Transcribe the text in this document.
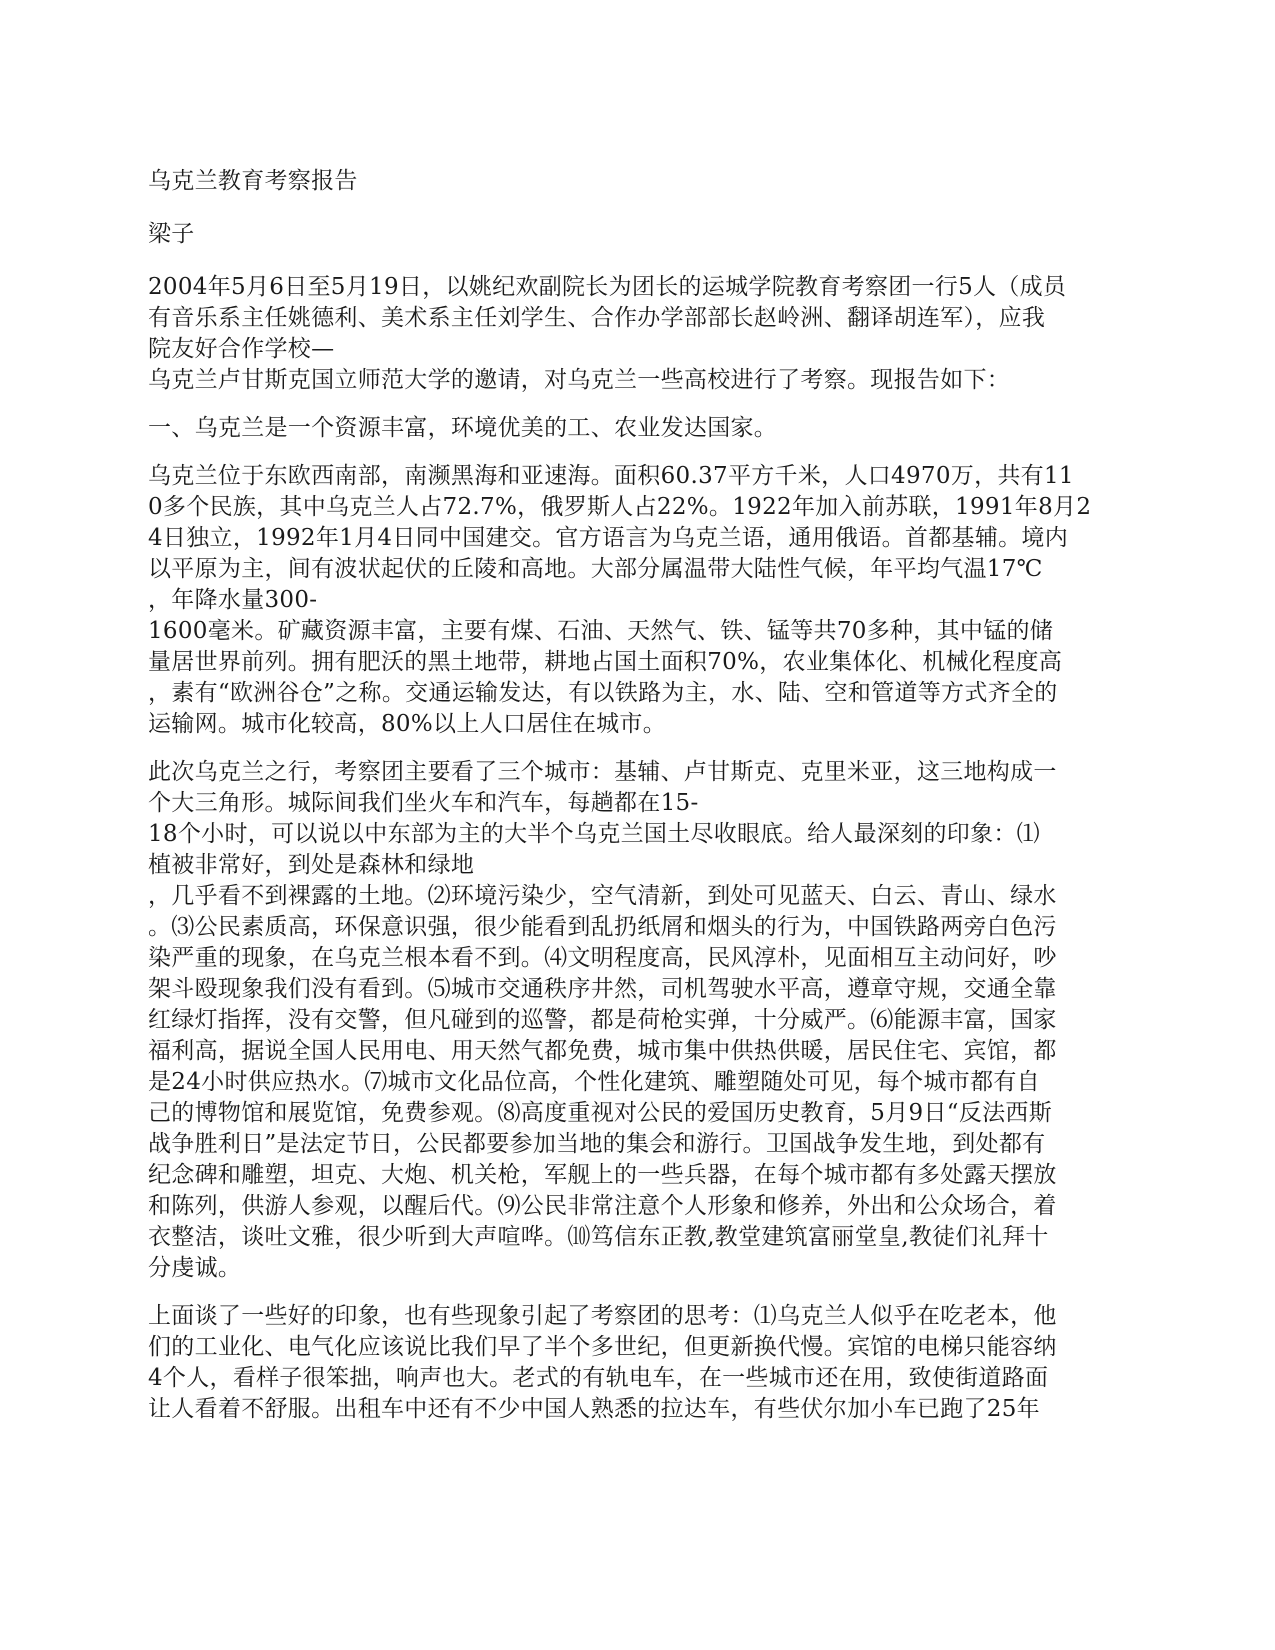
乌克兰教育考察报告
梁子
2004年5月6日至5月19日，以姚纪欢副院长为团长的运城学院教育考察团一行5人（成员
有音乐系主任姚德利、美术系主任刘学生、合作办学部部长赵岭洲、翻译胡连军），应我
院友好合作学校—
乌克兰卢甘斯克国立师范大学的邀请，对乌克兰一些高校进行了考察。现报告如下：
一、乌克兰是一个资源丰富，环境优美的工、农业发达国家。
乌克兰位于东欧西南部，南濒黑海和亚速海。面积60.37平方千米，人口4970万，共有11
0多个民族，其中乌克兰人占72.7%，俄罗斯人占22%。1922年加入前苏联，1991年8月2
4日独立，1992年1月4日同中国建交。官方语言为乌克兰语，通用俄语。首都基辅。境内
以平原为主，间有波状起伏的丘陵和高地。大部分属温带大陆性气候，年平均气温17℃
，年降水量300-
1600毫米。矿藏资源丰富，主要有煤、石油、天然气、铁、锰等共70多种，其中锰的储
量居世界前列。拥有肥沃的黑土地带，耕地占国土面积70%，农业集体化、机械化程度高
，素有“欧洲谷仓”之称。交通运输发达，有以铁路为主，水、陆、空和管道等方式齐全的
运输网。城市化较高，80%以上人口居住在城市。
此次乌克兰之行，考察团主要看了三个城市：基辅、卢甘斯克、克里米亚，这三地构成一
个大三角形。城际间我们坐火车和汽车，每趟都在15-
18个小时，可以说以中东部为主的大半个乌克兰国土尽收眼底。给人最深刻的印象：⑴
植被非常好，到处是森林和绿地
，几乎看不到裸露的土地。⑵环境污染少，空气清新，到处可见蓝天、白云、青山、绿水
。⑶公民素质高，环保意识强，很少能看到乱扔纸屑和烟头的行为，中国铁路两旁白色污
染严重的现象，在乌克兰根本看不到。⑷文明程度高，民风淳朴，见面相互主动问好，吵
架斗殴现象我们没有看到。⑸城市交通秩序井然，司机驾驶水平高，遵章守规，交通全靠
红绿灯指挥，没有交警，但凡碰到的巡警，都是荷枪实弹，十分威严。⑹能源丰富，国家
福利高，据说全国人民用电、用天然气都免费，城市集中供热供暖，居民住宅、宾馆，都
是24小时供应热水。⑺城市文化品位高，个性化建筑、雕塑随处可见，每个城市都有自
己的博物馆和展览馆，免费参观。⑻高度重视对公民的爱国历史教育，5月9日“反法西斯
战争胜利日”是法定节日，公民都要参加当地的集会和游行。卫国战争发生地，到处都有
纪念碑和雕塑，坦克、大炮、机关枪，军舰上的一些兵器，在每个城市都有多处露天摆放
和陈列，供游人参观，以醒后代。⑼公民非常注意个人形象和修养，外出和公众场合，着
衣整洁，谈吐文雅，很少听到大声喧哗。⑽笃信东正教,教堂建筑富丽堂皇,教徒们礼拜十
分虔诚。
上面谈了一些好的印象，也有些现象引起了考察团的思考：⑴乌克兰人似乎在吃老本，他
们的工业化、电气化应该说比我们早了半个多世纪，但更新换代慢。宾馆的电梯只能容纳
4个人，看样子很笨拙，响声也大。老式的有轨电车，在一些城市还在用，致使街道路面
让人看着不舒服。出租车中还有不少中国人熟悉的拉达车，有些伏尔加小车已跑了25年
